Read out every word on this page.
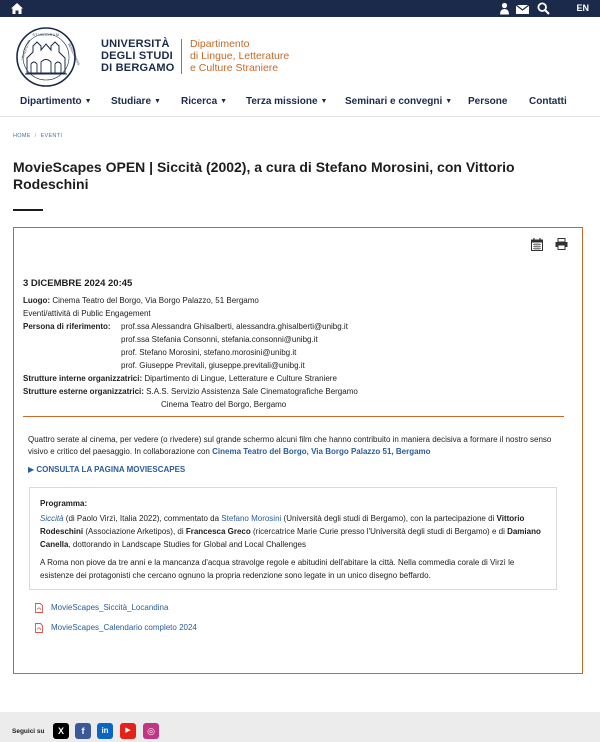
EN
STUDIORUM
UNIVERSITAS	BERGOMENSIS UNIVERSITÀ
DEGLI STUDI
DI BERGAMO
Dipartimento
di Lingue, Letterature
e Culture Straniere
Dipartimento ▼ Studiare ▼ Ricerca ▼ Terza missione ▼ Seminari e convegni ▼ Persone Contatti
HOME / EVENTI
MovieScapes OPEN | Siccità (2002), a cura di Stefano Morosini, con Vittorio Rodeschini
3 DICEMBRE 2024 20:45
Luogo: Cinema Teatro del Borgo, Via Borgo Palazzo, 51 Bergamo
Eventi/attività di Public Engagement
Persona di riferimento: prof.ssa Alessandra Ghisalberti, alessandra.ghisalberti@unibg.it
prof.ssa Stefania Consonni, stefania.consonni@unibg.it
prof. Stefano Morosini, stefano.morosini@unibg.it
prof. Giuseppe Previtali, giuseppe.previtali@unibg.it
Strutture interne organizzatrici: Dipartimento di Lingue, Letterature e Culture Straniere
Strutture esterne organizzatrici: S.A.S. Servizio Assistenza Sale Cinematografiche Bergamo
Cinema Teatro del Borgo, Bergamo
Quattro serate al cinema, per vedere (o rivedere) sul grande schermo alcuni film che hanno contribuito in maniera decisiva a formare il nostro senso visivo e critico del paesaggio. In collaborazione con Cinema Teatro del Borgo, Via Borgo Palazzo 51, Bergamo
▶ CONSULTA LA PAGINA MOVIESCAPES
Programma:
Siccità (di Paolo Virzì, Italia 2022), commentato da Stefano Morosini (Università degli studi di Bergamo), con la partecipazione di Vittorio Rodeschini (Associazione Arketipos), di Francesca Greco (ricercatrice Marie Curie presso l'Università degli studi di Bergamo) e di Damiano Canella, dottorando in Landscape Studies for Global and Local Challenges
A Roma non piove da tre anni e la mancanza d'acqua stravolge regole e abitudini dell'abitare la città. Nella commedia corale di Virzì le esistenze dei protagonisti che cercano ognuno la propria redenzione sono legate in un unico disegno beffardo.
MovieScapes_Siccità_Locandina
MovieScapes_Calendario completo 2024
Seguici su	X	f	in	▶	◎
